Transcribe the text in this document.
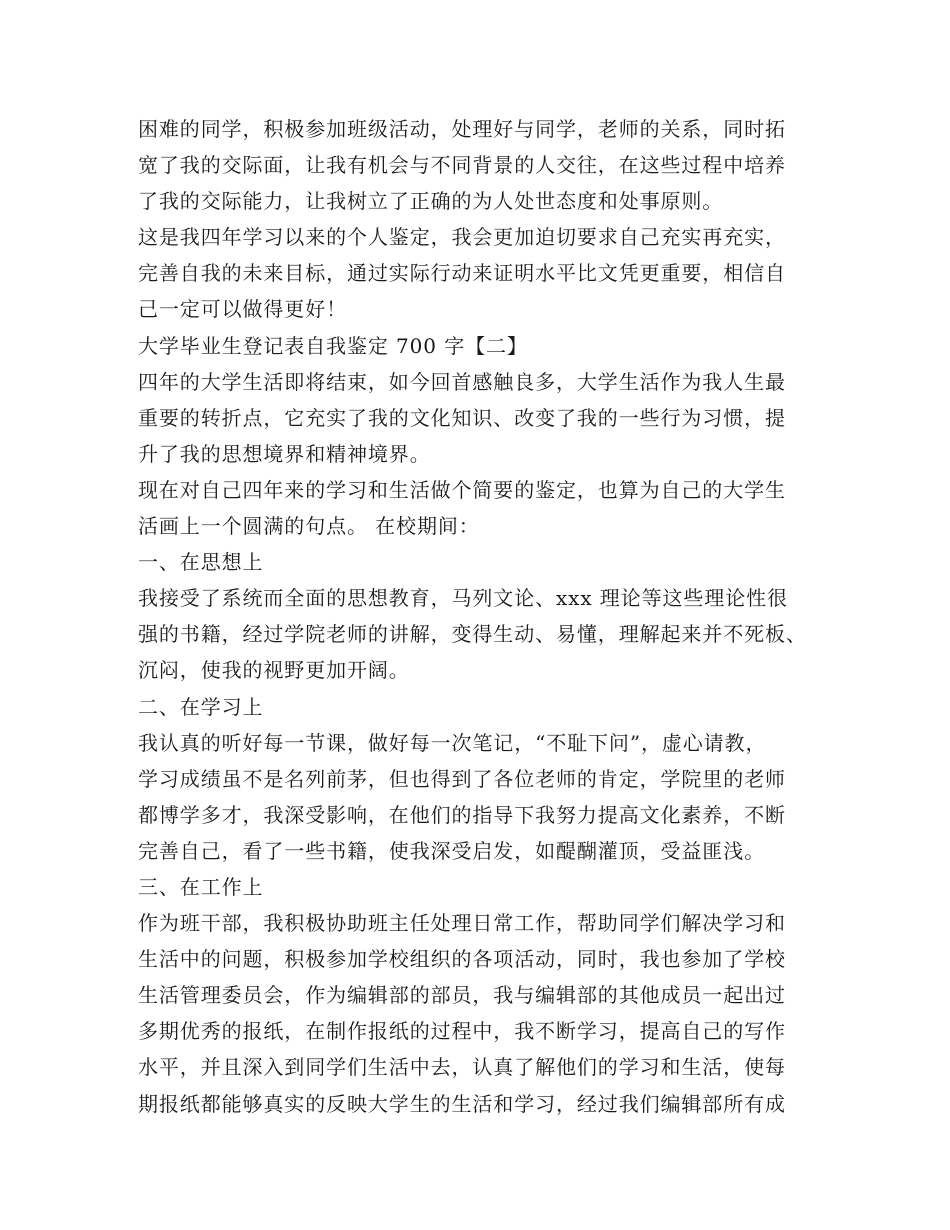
困难的同学，积极参加班级活动，处理好与同学，老师的关系，同时拓
宽了我的交际面，让我有机会与不同背景的人交往，在这些过程中培养
了我的交际能力，让我树立了正确的为人处世态度和处事原则。
这是我四年学习以来的个人鉴定，我会更加迫切要求自己充实再充实，
完善自我的未来目标，通过实际行动来证明水平比文凭更重要，相信自
己一定可以做得更好！
大学毕业生登记表自我鉴定 700 字【二】
四年的大学生活即将结束，如今回首感触良多，大学生活作为我人生最
重要的转折点，它充实了我的文化知识、改变了我的一些行为习惯，提
升了我的思想境界和精神境界。
现在对自己四年来的学习和生活做个简要的鉴定，也算为自己的大学生
活画上一个圆满的句点。 在校期间：
一、在思想上
我接受了系统而全面的思想教育，马列文论、xxx 理论等这些理论性很
强的书籍，经过学院老师的讲解，变得生动、易懂，理解起来并不死板、
沉闷，使我的视野更加开阔。
二、在学习上
我认真的听好每一节课，做好每一次笔记，“不耻下问”，虚心请教，
学习成绩虽不是名列前茅，但也得到了各位老师的肯定，学院里的老师
都博学多才，我深受影响，在他们的指导下我努力提高文化素养，不断
完善自己，看了一些书籍，使我深受启发，如醍醐灌顶，受益匪浅。
三、在工作上
作为班干部，我积极协助班主任处理日常工作，帮助同学们解决学习和
生活中的问题，积极参加学校组织的各项活动，同时，我也参加了学校
生活管理委员会，作为编辑部的部员，我与编辑部的其他成员一起出过
多期优秀的报纸，在制作报纸的过程中，我不断学习，提高自己的写作
水平，并且深入到同学们生活中去，认真了解他们的学习和生活，使每
期报纸都能够真实的反映大学生的生活和学习，经过我们编辑部所有成
